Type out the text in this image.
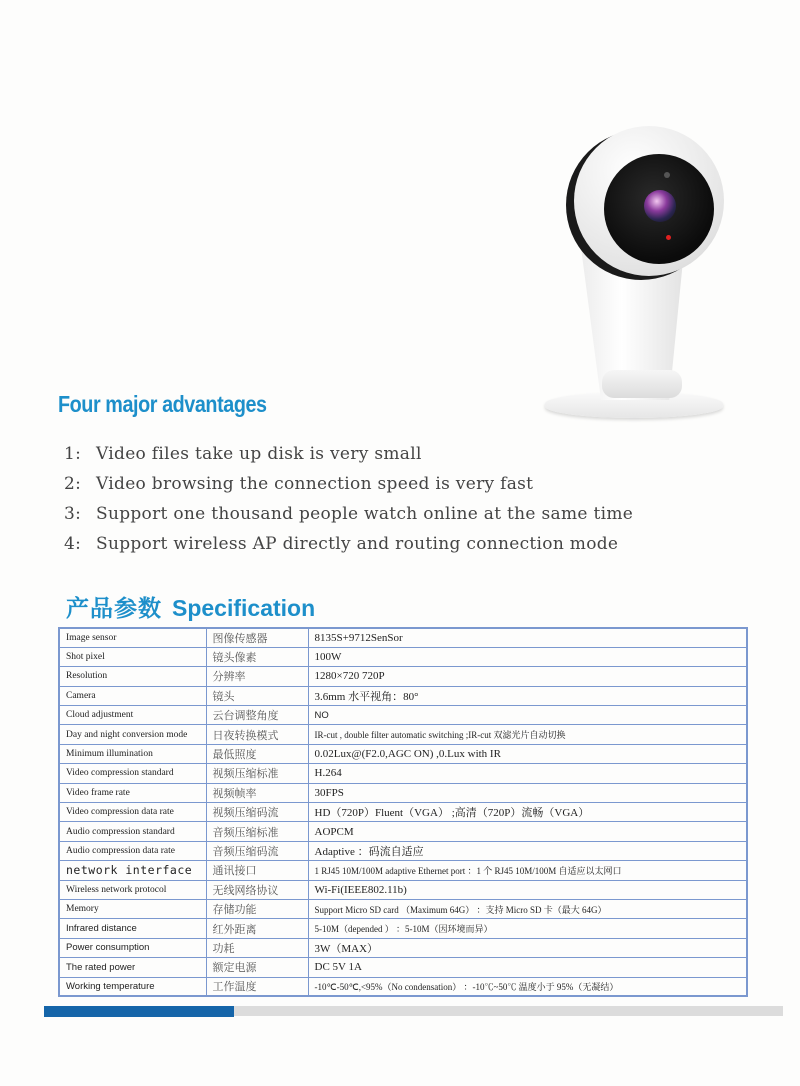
Four major advantages
1: Video files take up disk is very small
2: Video browsing the connection speed is very fast
3: Support one thousand people watch online at the same time
4: Support wireless AP directly and routing connection mode
产品参数 Specification
Image sensor	图像传感器	8135S+9712SenSor
Shot pixel	镜头像素	100W
Resolution	分辨率	1280×720 720P
Camera	镜头	3.6mm 水平视角：80°
Cloud adjustment	云台调整角度	NO
Day and night conversion mode	日夜转换模式	IR-cut , double filter automatic switching ;IR-cut 双滤光片自动切换
Minimum illumination	最低照度	0.02Lux@(F2.0,AGC ON) ,0.Lux with IR
Video compression standard	视频压缩标准	H.264
Video frame rate	视频帧率	30FPS
Video compression data rate	视频压缩码流	HD（720P）Fluent（VGA） ;高清（720P）流畅（VGA）
Audio compression standard	音频压缩标准	AOPCM
Audio compression data rate	音频压缩码流	Adaptive ：码流自适应
network interface	通讯接口	1 RJ45 10M/100M adaptive Ethernet port ：1 个 RJ45 10M/100M 自适应以太网口
Wireless network protocol	无线网络协议	Wi-Fi(IEEE802.11b)
Memory	存储功能	Support Micro SD card （Maximum 64G） ：支持 Micro SD 卡（最大 64G）
Infrared distance	红外距离	5-10M（depended ） ：5-10M（因环境而异）
Power consumption	功耗	3W（MAX）
The rated power	额定电源	DC 5V 1A
Working temperature	工作温度	-10℃-50℃,<95%（No condensation） ：-10℃~50℃ 温度小于 95%（无凝结）
